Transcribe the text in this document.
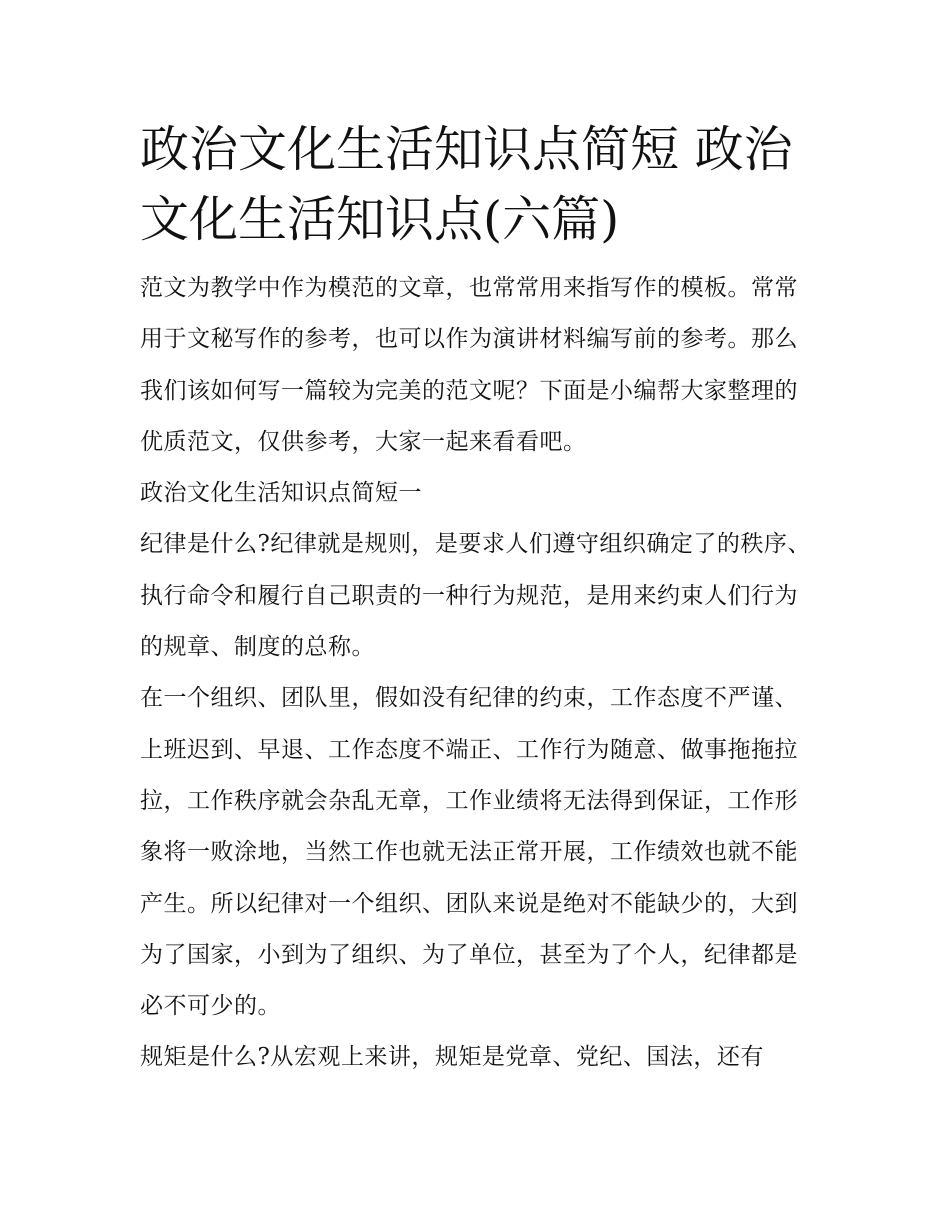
政治文化生活知识点简短 政治文化生活知识点(六篇)

范文为教学中作为模范的文章，也常常用来指写作的模板。常常用于文秘写作的参考，也可以作为演讲材料编写前的参考。那么我们该如何写一篇较为完美的范文呢？下面是小编帮大家整理的优质范文，仅供参考，大家一起来看看吧。

政治文化生活知识点简短一

纪律是什么?纪律就是规则，是要求人们遵守组织确定了的秩序、执行命令和履行自己职责的一种行为规范，是用来约束人们行为的规章、制度的总称。

在一个组织、团队里，假如没有纪律的约束，工作态度不严谨、上班迟到、早退、工作态度不端正、工作行为随意、做事拖拖拉拉，工作秩序就会杂乱无章，工作业绩将无法得到保证，工作形象将一败涂地，当然工作也就无法正常开展，工作绩效也就不能产生。所以纪律对一个组织、团队来说是绝对不能缺少的，大到为了国家，小到为了组织、为了单位，甚至为了个人，纪律都是必不可少的。

规矩是什么?从宏观上来讲，规矩是党章、党纪、国法，还有
